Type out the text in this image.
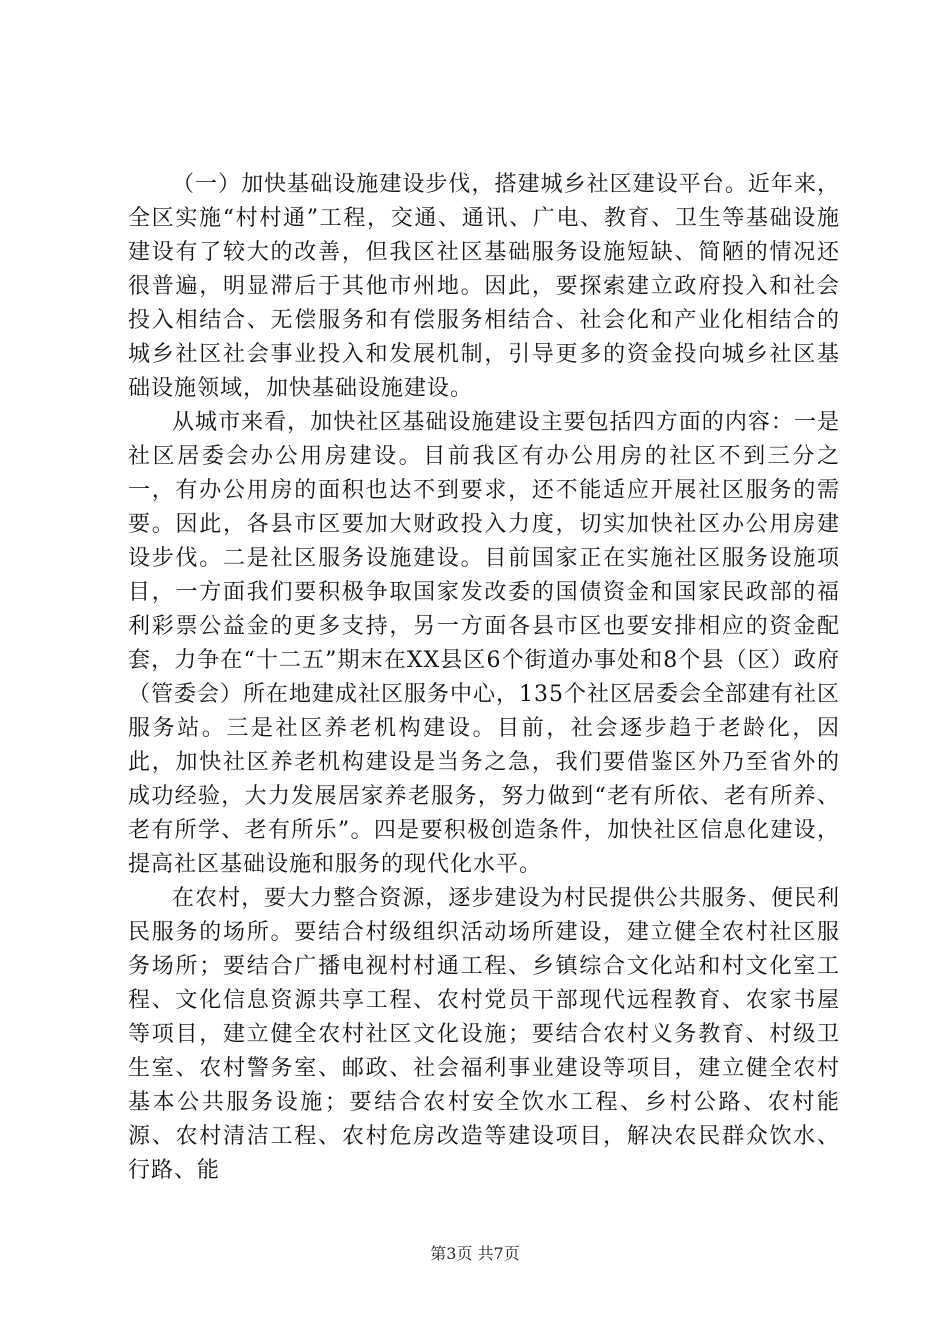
（一）加快基础设施建设步伐，搭建城乡社区建设平台。近年来，全区实施“村村通”工程，交通、通讯、广电、教育、卫生等基础设施建设有了较大的改善，但我区社区基础服务设施短缺、简陋的情况还很普遍，明显滞后于其他市州地。因此，要探索建立政府投入和社会投入相结合、无偿服务和有偿服务相结合、社会化和产业化相结合的城乡社区社会事业投入和发展机制，引导更多的资金投向城乡社区基础设施领域，加快基础设施建设。

从城市来看，加快社区基础设施建设主要包括四方面的内容：一是社区居委会办公用房建设。目前我区有办公用房的社区不到三分之一，有办公用房的面积也达不到要求，还不能适应开展社区服务的需要。因此，各县市区要加大财政投入力度，切实加快社区办公用房建设步伐。二是社区服务设施建设。目前国家正在实施社区服务设施项目，一方面我们要积极争取国家发改委的国债资金和国家民政部的福利彩票公益金的更多支持，另一方面各县市区也要安排相应的资金配套，力争在“十二五”期末在XX县区6个街道办事处和8个县（区）政府（管委会）所在地建成社区服务中心，135个社区居委会全部建有社区服务站。三是社区养老机构建设。目前，社会逐步趋于老龄化，因此，加快社区养老机构建设是当务之急，我们要借鉴区外乃至省外的成功经验，大力发展居家养老服务，努力做到“老有所依、老有所养、老有所学、老有所乐”。四是要积极创造条件，加快社区信息化建设，提高社区基础设施和服务的现代化水平。

在农村，要大力整合资源，逐步建设为村民提供公共服务、便民利民服务的场所。要结合村级组织活动场所建设，建立健全农村社区服务场所；要结合广播电视村村通工程、乡镇综合文化站和村文化室工程、文化信息资源共享工程、农村党员干部现代远程教育、农家书屋等项目，建立健全农村社区文化设施；要结合农村义务教育、村级卫生室、农村警务室、邮政、社会福利事业建设等项目，建立健全农村基本公共服务设施；要结合农村安全饮水工程、乡村公路、农村能源、农村清洁工程、农村危房改造等建设项目，解决农民群众饮水、行路、能

第3页 共7页
